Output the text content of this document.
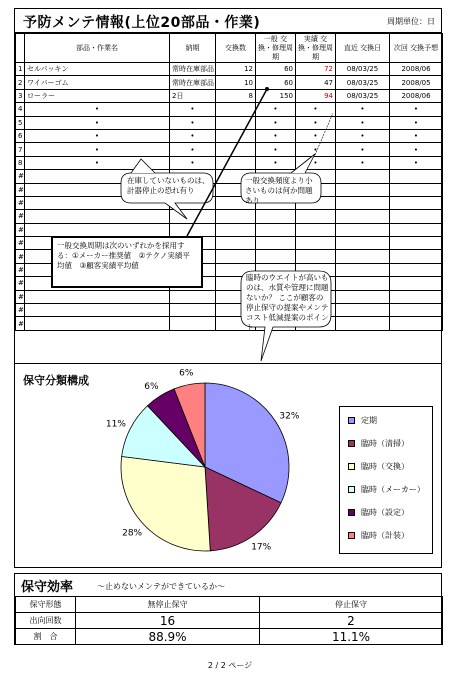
予防メンテ情報(上位20部品・作業)	周期単位：日
	部品・作業名	納期	交換数	一般 交換・修理周期	実績 交換・修理周期	直近 交換日	次回 交換予想
1	セルパッキン	常時在庫部品	12	60	72	08/03/25	2008/06
2	ワイパーゴム	常時在庫部品	10	60	47	08/03/25	2008/05
3	ローラー	2日	8	150	94	08/03/25	2008/06
4	•	•		•	•	•	•
5	•	•		•	•	•	•
6	•	•		•	•	•	•
7	•	•		•	•	•	•
8	•	•		•	•	•	•
#							
#							
#							
#							
#							
#							
#							
#							
#							
#							
#							
#							
在庫していないものは、計器停止の恐れ有り
一般交換頻度より小さいものは何か問題あり
臨時のウエイトが高いものは、水質や管理に問題ないか？ ここが顧客の停止保守の提案やメンテコスト低減提案のポイント
一般交換周期は次のいずれかを採用する：①メーカー推奨値　②テクノ実績平均値　③顧客実績平均値
保守分類構成
32%
17%
28%
11%
6%
6%
定期
臨時（清掃）
臨時（交換）
臨時（メーカー）
臨時（設定）
臨時（計装）
保守効率	～止めないメンテができているか～
保守形態	無停止保守	停止保守
出向回数	16	2
割　合	88.9%	11.1%
2 / 2 ページ
